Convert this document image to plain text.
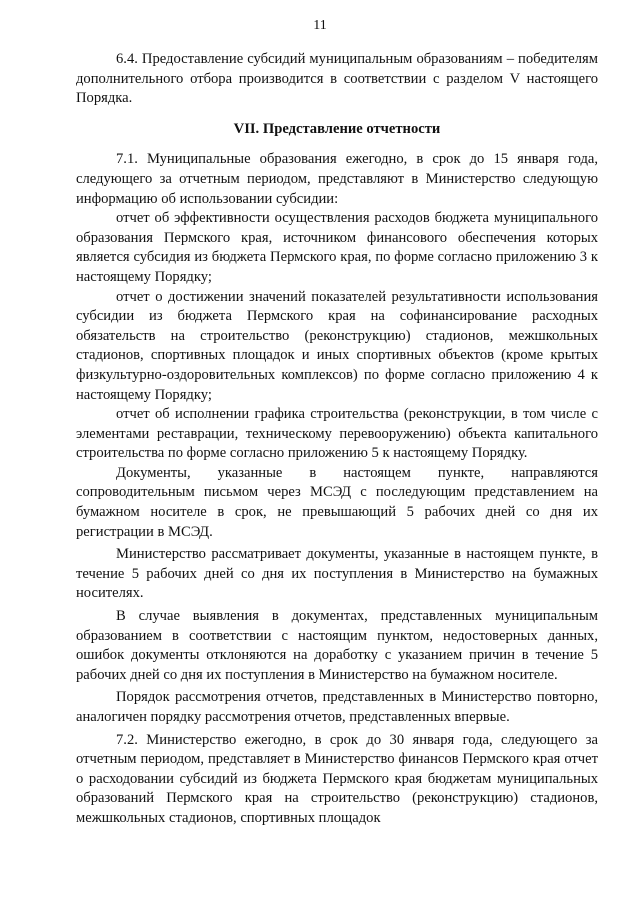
11

6.4. Предоставление субсидий муниципальным образованиям – победителям дополнительного отбора производится в соответствии с разделом V настоящего Порядка.

VII. Представление отчетности

7.1. Муниципальные образования ежегодно, в срок до 15 января года, следующего за отчетным периодом, представляют в Министерство следующую информацию об использовании субсидии:

отчет об эффективности осуществления расходов бюджета муниципального образования Пермского края, источником финансового обеспечения которых является субсидия из бюджета Пермского края, по форме согласно приложению 3 к настоящему Порядку;

отчет о достижении значений показателей результативности использования субсидии из бюджета Пермского края на софинансирование расходных обязательств на строительство (реконструкцию) стадионов, межшкольных стадионов, спортивных площадок и иных спортивных объектов (кроме крытых физкультурно-оздоровительных комплексов) по форме согласно приложению 4 к настоящему Порядку;

отчет об исполнении графика строительства (реконструкции, в том числе с элементами реставрации, техническому перевооружению) объекта капитального строительства по форме согласно приложению 5 к настоящему Порядку.

Документы, указанные в настоящем пункте, направляются сопроводительным письмом через МСЭД с последующим представлением на бумажном носителе в срок, не превышающий 5 рабочих дней со дня их регистрации в МСЭД.

Министерство рассматривает документы, указанные в настоящем пункте, в течение 5 рабочих дней со дня их поступления в Министерство на бумажных носителях.

В случае выявления в документах, представленных муниципальным образованием в соответствии с настоящим пунктом, недостоверных данных, ошибок документы отклоняются на доработку с указанием причин в течение 5 рабочих дней со дня их поступления в Министерство на бумажном носителе.

Порядок рассмотрения отчетов, представленных в Министерство повторно, аналогичен порядку рассмотрения отчетов, представленных впервые.

7.2. Министерство ежегодно, в срок до 30 января года, следующего за отчетным периодом, представляет в Министерство финансов Пермского края отчет о расходовании субсидий из бюджета Пермского края бюджетам муниципальных образований Пермского края на строительство (реконструкцию) стадионов, межшкольных стадионов, спортивных площадок
